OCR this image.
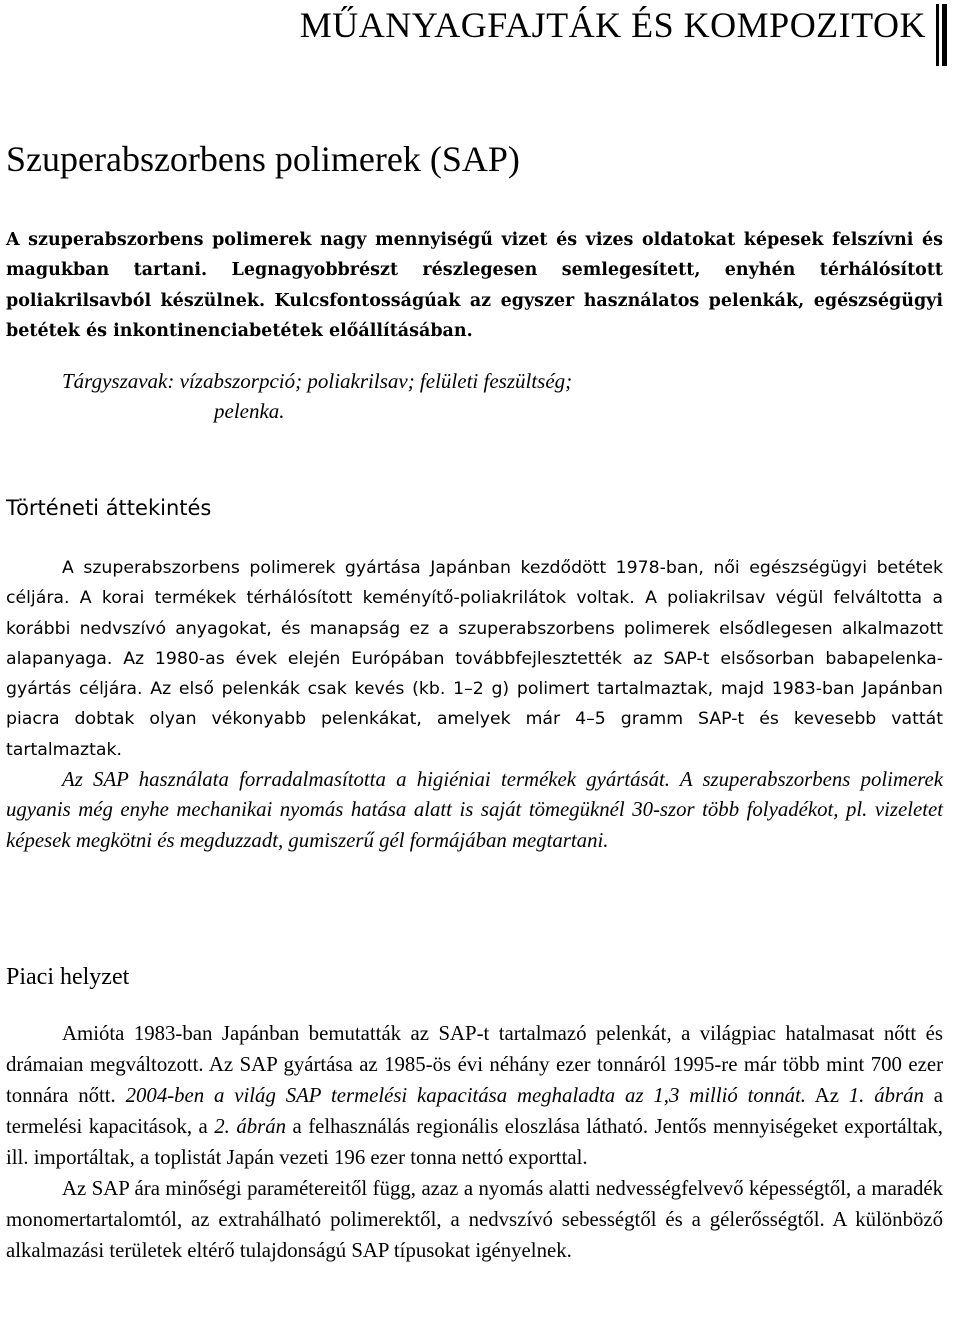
MŰANYAGFAJTÁK ÉS KOMPOZITOK
Szuperabszorbens polimerek (SAP)

A szuperabszorbens polimerek nagy mennyiségű vizet és vizes oldatokat képesek felszívni és magukban tartani. Legnagyobbrészt részlegesen semlegesített, enyhén térhálósított poliakrilsavból készülnek. Kulcsfontosságúak az egyszer használatos pelenkák, egészségügyi betétek és inkontinenciabetétek előállításában.

Tárgyszavak: vízabszorpció; poliakrilsav; felületi feszültség;
pelenka.

Történeti áttekintés

A szuperabszorbens polimerek gyártása Japánban kezdődött 1978-ban, női egészségügyi betétek céljára. A korai termékek térhálósított keményítő-poliakrilátok voltak. A poliakrilsav végül felváltotta a korábbi nedvszívó anyagokat, és manapság ez a szuperabszorbens polimerek elsődlegesen alkalmazott alapanyaga. Az 1980-as évek elején Európában továbbfejlesztették az SAP-t elsősorban babapelenka-gyártás céljára. Az első pelenkák csak kevés (kb. 1–2 g) polimert tartalmaztak, majd 1983-ban Japánban piacra dobtak olyan vékonyabb pelenkákat, amelyek már 4–5 gramm SAP-t és kevesebb vattát tartalmaztak.

Az SAP használata forradalmasította a higiéniai termékek gyártását. A szuperabszorbens polimerek ugyanis még enyhe mechanikai nyomás hatása alatt is saját tömegüknél 30-szor több folyadékot, pl. vizeletet képesek megkötni és megduzzadt, gumiszerű gél formájában megtartani.

Piaci helyzet

Amióta 1983-ban Japánban bemutatták az SAP-t tartalmazó pelenkát, a világpiac hatalmasat nőtt és drámaian megváltozott. Az SAP gyártása az 1985-ös évi néhány ezer tonnáról 1995-re már több mint 700 ezer tonnára nőtt. 2004-ben a világ SAP termelési kapacitása meghaladta az 1,3 millió tonnát. Az 1. ábrán a termelési kapacitások, a 2. ábrán a felhasználás regionális eloszlása látható. Jentős mennyiségeket exportáltak, ill. importáltak, a toplistát Japán vezeti 196 ezer tonna nettó exporttal.

Az SAP ára minőségi paramétereitől függ, azaz a nyomás alatti nedvességfelvevő képességtől, a maradék monomertartalomtól, az extrahálható polimerektől, a nedvszívó sebességtől és a gélerősségtől. A különböző alkalmazási területek eltérő tulajdonságú SAP típusokat igényelnek.
